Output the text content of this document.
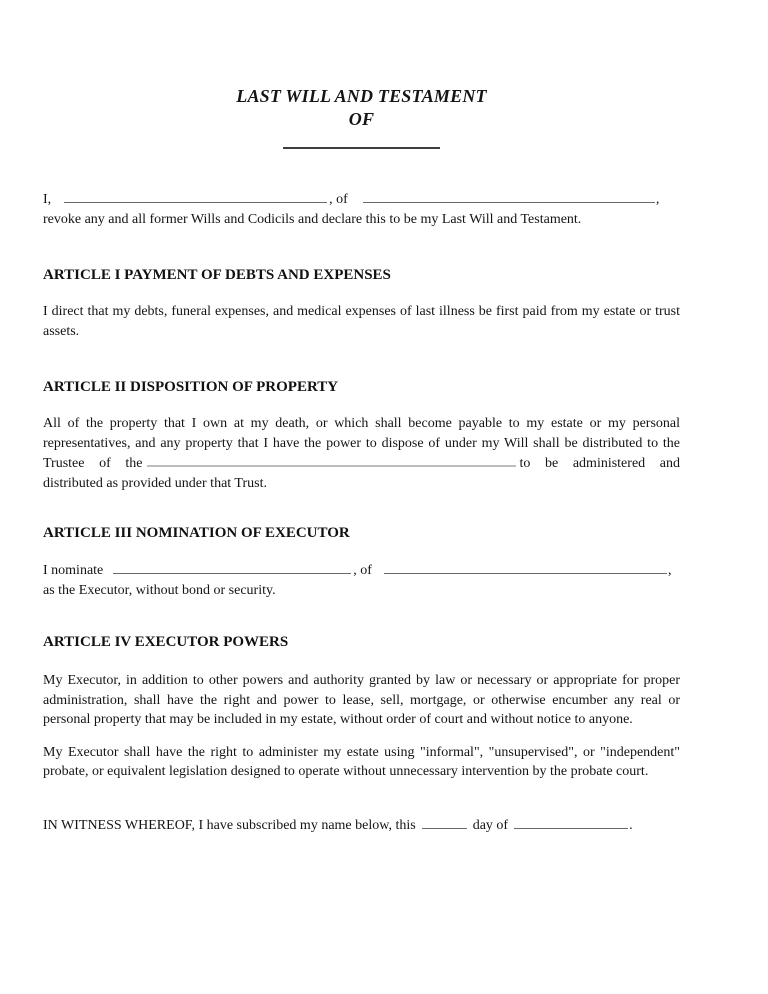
LAST WILL AND TESTAMENT
OF

I,	, of	,

revoke any and all former Wills and Codicils and declare this to be my Last Will and Testament.

ARTICLE I PAYMENT OF DEBTS AND EXPENSES

I direct that my debts, funeral expenses, and medical expenses of last illness be first paid from my estate or trust assets.

ARTICLE II DISPOSITION OF PROPERTY

All of the property that I own at my death, or which shall become payable to my estate or my personal representatives, and any property that I have the power to dispose of under my Will shall be distributed to the Trustee of the	to be administered and distributed as provided under that Trust.

ARTICLE III NOMINATION OF EXECUTOR

I nominate	, of	,

as the Executor, without bond or security.

ARTICLE IV EXECUTOR POWERS

My Executor, in addition to other powers and authority granted by law or necessary or appropriate for proper administration, shall have the right and power to lease, sell, mortgage, or otherwise encumber any real or personal property that may be included in my estate, without order of court and without notice to anyone.

My Executor shall have the right to administer my estate using "informal", "unsupervised", or "independent" probate, or equivalent legislation designed to operate without unnecessary intervention by the probate court.

IN WITNESS WHEREOF, I have subscribed my name below, this	day of	.
